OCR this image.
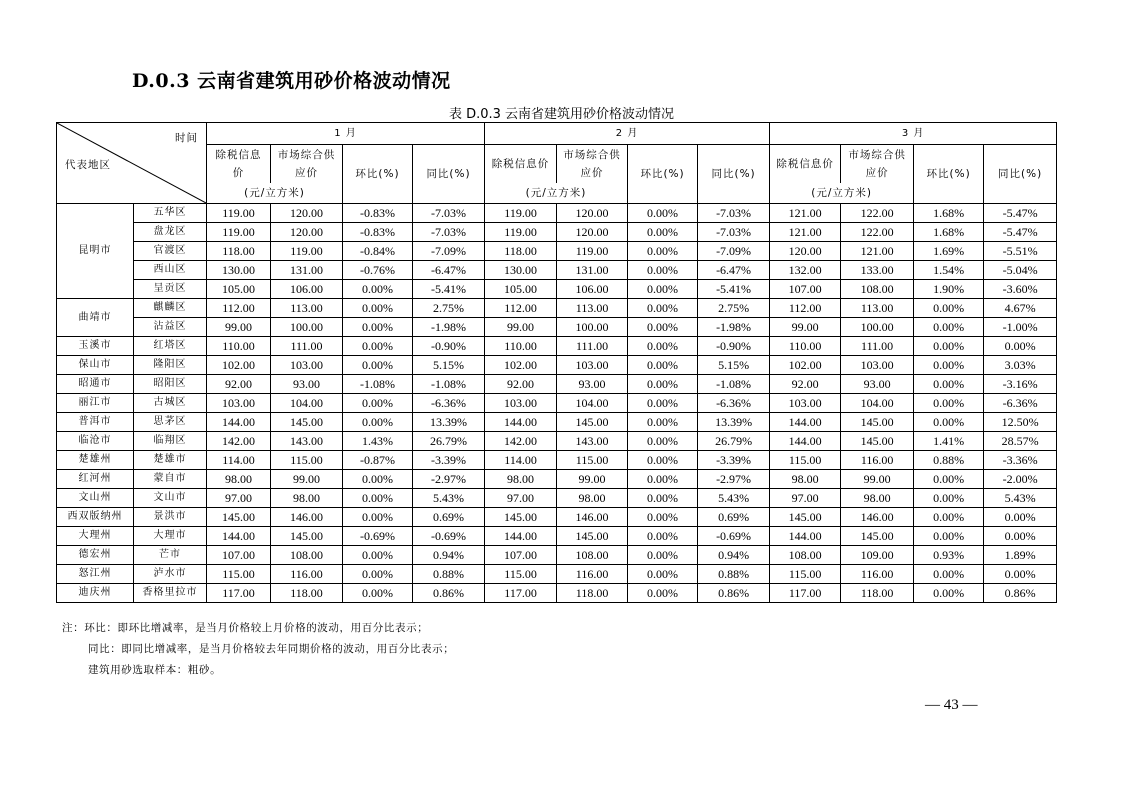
D.0.3 云南省建筑用砂价格波动情况
表 D.0.3 云南省建筑用砂价格波动情况
时间
代表地区		1 月				2 月				3 月			
		除税信息价	市场综合供应价	环比(%)	同比(%)	除税信息价	市场综合供应价	环比(%)	同比(%)	除税信息价	市场综合供应价	环比(%)	同比(%)
		(元/立方米)				(元/立方米)				(元/立方米)			
昆明市	五华区	119.00	120.00	-0.83%	-7.03%	119.00	120.00	0.00%	-7.03%	121.00	122.00	1.68%	-5.47%
	盘龙区	119.00	120.00	-0.83%	-7.03%	119.00	120.00	0.00%	-7.03%	121.00	122.00	1.68%	-5.47%
	官渡区	118.00	119.00	-0.84%	-7.09%	118.00	119.00	0.00%	-7.09%	120.00	121.00	1.69%	-5.51%
	西山区	130.00	131.00	-0.76%	-6.47%	130.00	131.00	0.00%	-6.47%	132.00	133.00	1.54%	-5.04%
	呈贡区	105.00	106.00	0.00%	-5.41%	105.00	106.00	0.00%	-5.41%	107.00	108.00	1.90%	-3.60%
曲靖市	麒麟区	112.00	113.00	0.00%	2.75%	112.00	113.00	0.00%	2.75%	112.00	113.00	0.00%	4.67%
	沾益区	99.00	100.00	0.00%	-1.98%	99.00	100.00	0.00%	-1.98%	99.00	100.00	0.00%	-1.00%
玉溪市	红塔区	110.00	111.00	0.00%	-0.90%	110.00	111.00	0.00%	-0.90%	110.00	111.00	0.00%	0.00%
保山市	隆阳区	102.00	103.00	0.00%	5.15%	102.00	103.00	0.00%	5.15%	102.00	103.00	0.00%	3.03%
昭通市	昭阳区	92.00	93.00	-1.08%	-1.08%	92.00	93.00	0.00%	-1.08%	92.00	93.00	0.00%	-3.16%
丽江市	古城区	103.00	104.00	0.00%	-6.36%	103.00	104.00	0.00%	-6.36%	103.00	104.00	0.00%	-6.36%
普洱市	思茅区	144.00	145.00	0.00%	13.39%	144.00	145.00	0.00%	13.39%	144.00	145.00	0.00%	12.50%
临沧市	临翔区	142.00	143.00	1.43%	26.79%	142.00	143.00	0.00%	26.79%	144.00	145.00	1.41%	28.57%
楚雄州	楚雄市	114.00	115.00	-0.87%	-3.39%	114.00	115.00	0.00%	-3.39%	115.00	116.00	0.88%	-3.36%
红河州	蒙自市	98.00	99.00	0.00%	-2.97%	98.00	99.00	0.00%	-2.97%	98.00	99.00	0.00%	-2.00%
文山州	文山市	97.00	98.00	0.00%	5.43%	97.00	98.00	0.00%	5.43%	97.00	98.00	0.00%	5.43%
西双版纳州	景洪市	145.00	146.00	0.00%	0.69%	145.00	146.00	0.00%	0.69%	145.00	146.00	0.00%	0.00%
大理州	大理市	144.00	145.00	-0.69%	-0.69%	144.00	145.00	0.00%	-0.69%	144.00	145.00	0.00%	0.00%
德宏州	芒市	107.00	108.00	0.00%	0.94%	107.00	108.00	0.00%	0.94%	108.00	109.00	0.93%	1.89%
怒江州	泸水市	115.00	116.00	0.00%	0.88%	115.00	116.00	0.00%	0.88%	115.00	116.00	0.00%	0.00%
迪庆州	香格里拉市	117.00	118.00	0.00%	0.86%	117.00	118.00	0.00%	0.86%	117.00	118.00	0.00%	0.86%
注：环比：即环比增减率，是当月价格较上月价格的波动，用百分比表示；
同比：即同比增减率，是当月价格较去年同期价格的波动，用百分比表示；
建筑用砂选取样本：粗砂。
— 43 —
